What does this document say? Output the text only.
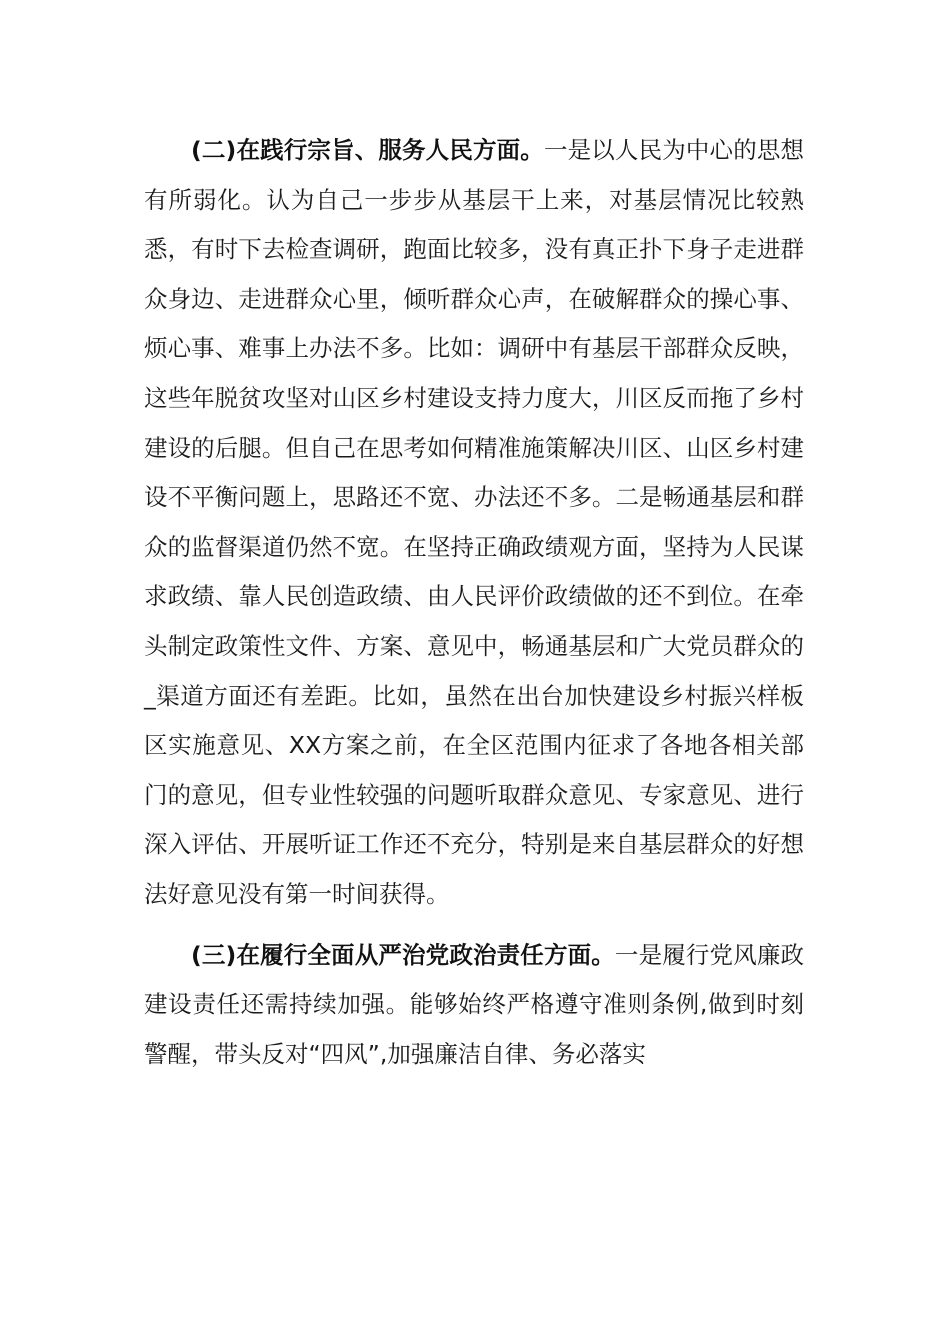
(二)在践行宗旨、服务人民方面。一是以人民为中心的思想有所弱化。认为自己一步步从基层干上来，对基层情况比较熟悉，有时下去检查调研，跑面比较多，没有真正扑下身子走进群众身边、走进群众心里，倾听群众心声，在破解群众的操心事、烦心事、难事上办法不多。比如：调研中有基层干部群众反映，这些年脱贫攻坚对山区乡村建设支持力度大，川区反而拖了乡村建设的后腿。但自己在思考如何精准施策解决川区、山区乡村建设不平衡问题上，思路还不宽、办法还不多。二是畅通基层和群众的监督渠道仍然不宽。在坚持正确政绩观方面，坚持为人民谋求政绩、靠人民创造政绩、由人民评价政绩做的还不到位。在牵头制定政策性文件、方案、意见中，畅通基层和广大党员群众的_渠道方面还有差距。比如，虽然在出台加快建设乡村振兴样板区实施意见、XX方案之前，在全区范围内征求了各地各相关部门的意见，但专业性较强的问题听取群众意见、专家意见、进行深入评估、开展听证工作还不充分，特别是来自基层群众的好想法好意见没有第一时间获得。

(三)在履行全面从严治党政治责任方面。一是履行党风廉政建设责任还需持续加强。能够始终严格遵守准则条例,做到时刻警醒，带头反对“四风”,加强廉洁自律、务必落实
